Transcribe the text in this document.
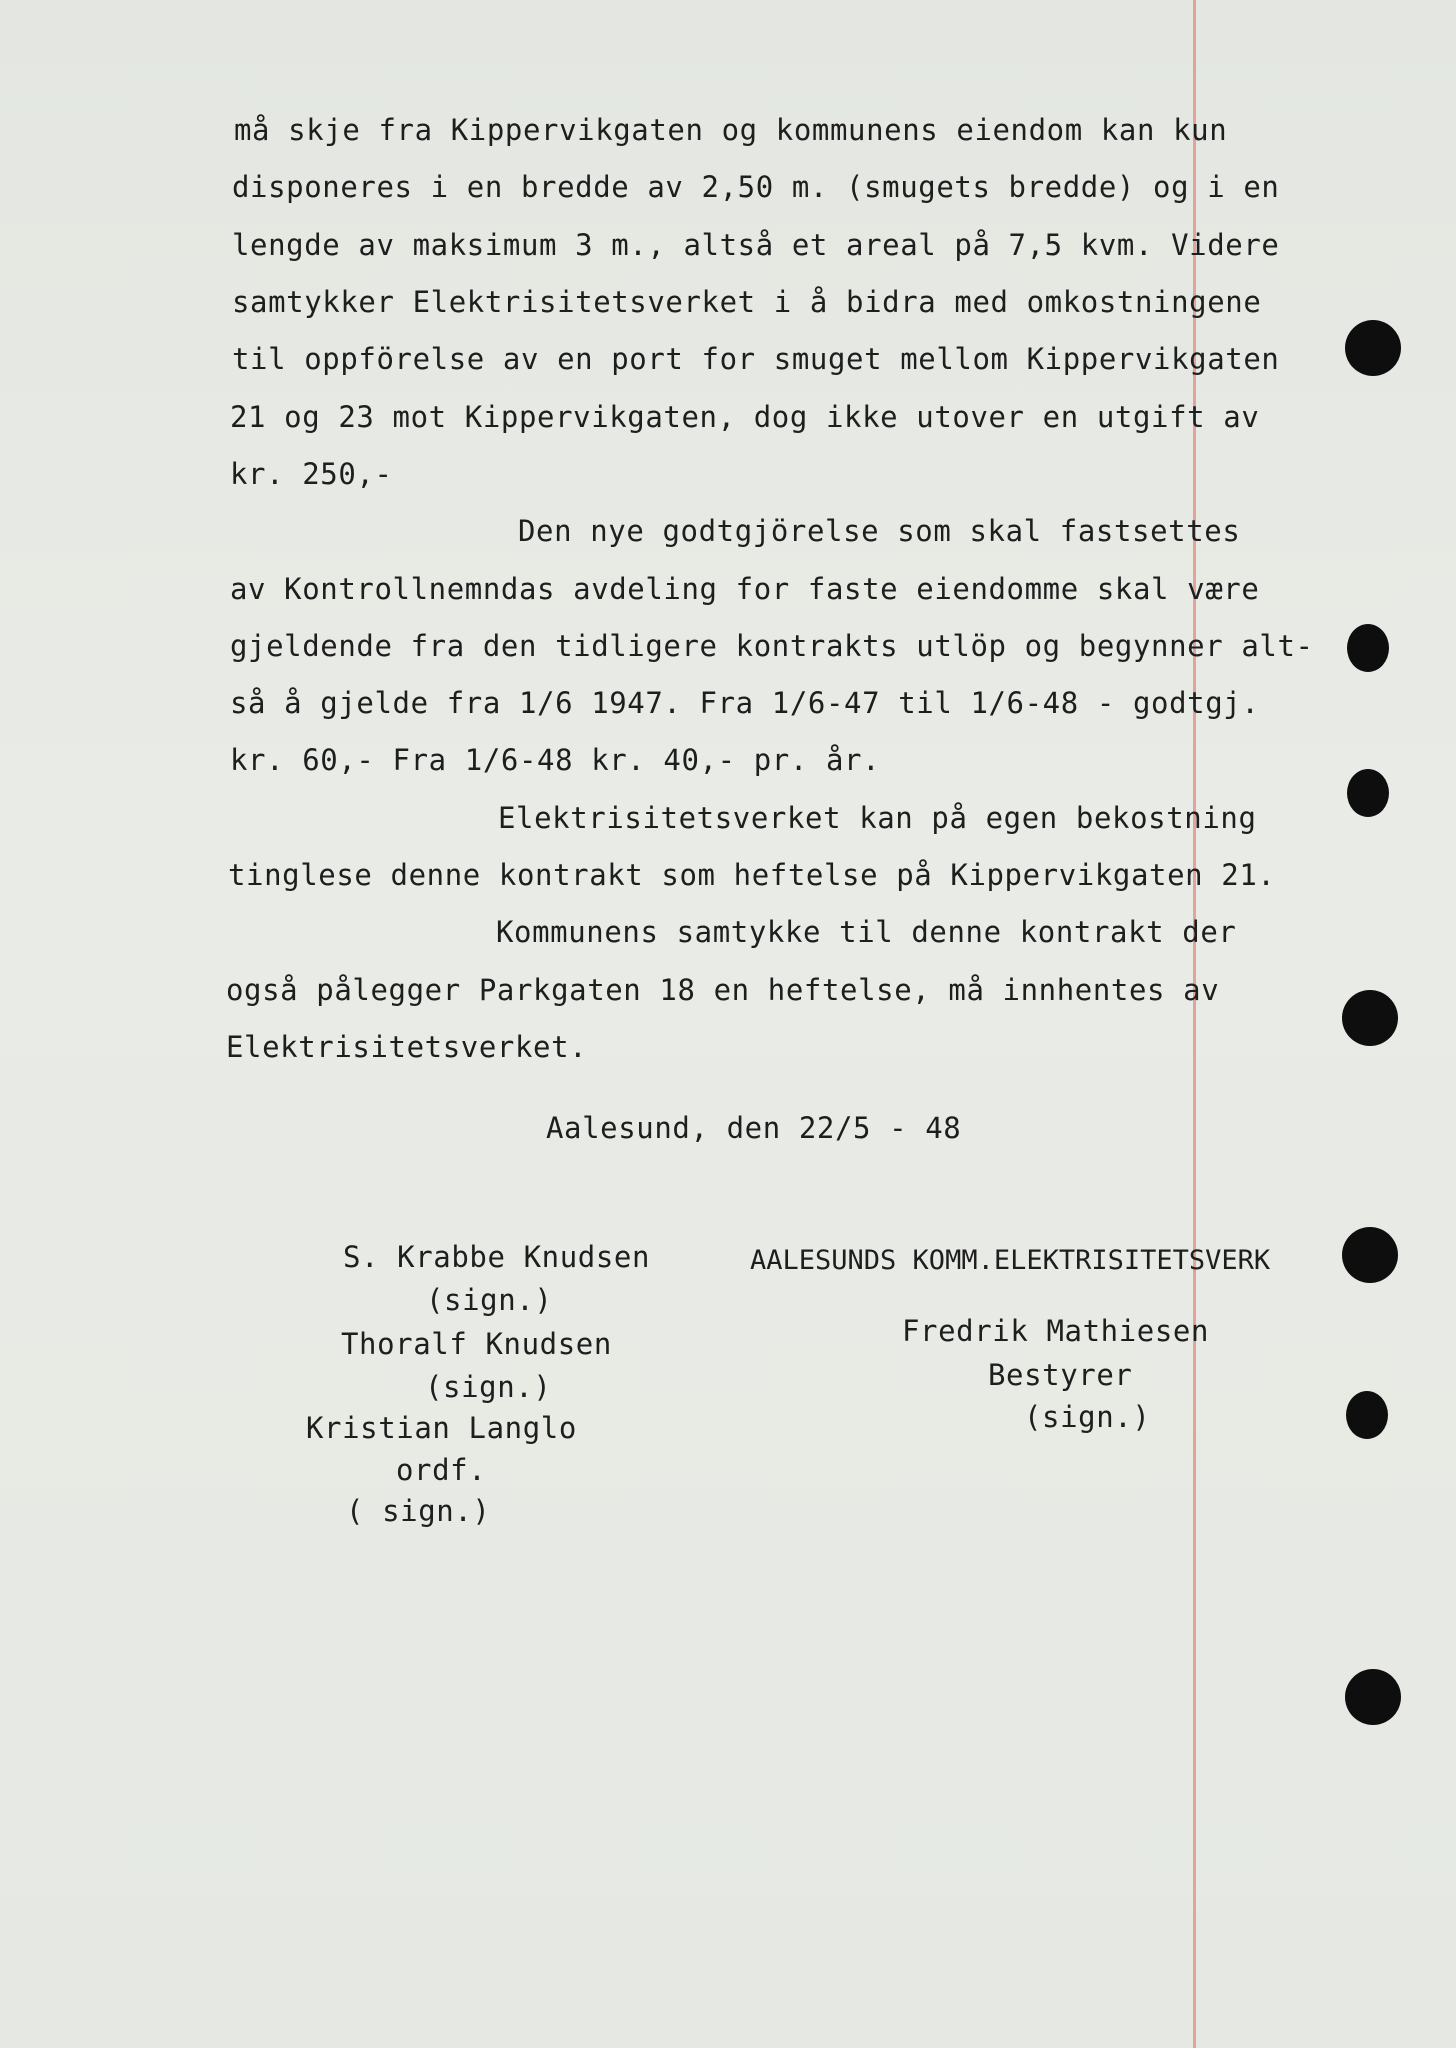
må skje fra Kippervikgaten og kommunens eiendom kan kun
disponeres i en bredde av 2,50 m. (smugets bredde) og i en
lengde av maksimum 3 m., altså et areal på 7,5 kvm. Videre
samtykker Elektrisitetsverket i å bidra med omkostningene
til oppförelse av en port for smuget mellom Kippervikgaten
21 og 23 mot Kippervikgaten, dog ikke utover en utgift av
kr. 250,-
Den nye godtgjörelse som skal fastsettes
av Kontrollnemndas avdeling for faste eiendomme skal være
gjeldende fra den tidligere kontrakts utlöp og begynner alt-
så å gjelde fra 1/6 1947. Fra 1/6-47 til 1/6-48 - godtgj.
kr. 60,- Fra 1/6-48 kr. 40,- pr. år.
Elektrisitetsverket kan på egen bekostning
tinglese denne kontrakt som heftelse på Kippervikgaten 21.
Kommunens samtykke til denne kontrakt der
også pålegger Parkgaten 18 en heftelse, må innhentes av
Elektrisitetsverket.
Aalesund, den 22/5 - 48
S. Krabbe Knudsen
(sign.)
Thoralf Knudsen
(sign.)
Kristian Langlo
ordf.
( sign.)
AALESUNDS KOMM.ELEKTRISITETSVERK
Fredrik Mathiesen
Bestyrer
(sign.)
